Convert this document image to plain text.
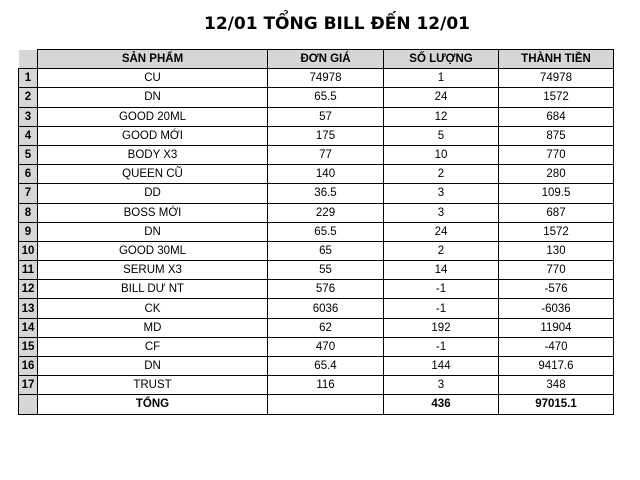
12/01 TỔNG BILL ĐẾN 12/01
	SẢN PHẨM	ĐƠN GIÁ	SỐ LƯỢNG	THÀNH TIỀN
1	CU	74978	1	74978
2	DN	65.5	24	1572
3	GOOD 20ML	57	12	684
4	GOOD MỚI	175	5	875
5	BODY X3	77	10	770
6	QUEEN CŨ	140	2	280
7	DD	36.5	3	109.5
8	BOSS MỚI	229	3	687
9	DN	65.5	24	1572
10	GOOD 30ML	65	2	130
11	SERUM X3	55	14	770
12	BILL DƯ NT	576	-1	-576
13	CK	6036	-1	-6036
14	MD	62	192	11904
15	CF	470	-1	-470
16	DN	65.4	144	9417.6
17	TRUST	116	3	348
	TỔNG		436	97015.1
